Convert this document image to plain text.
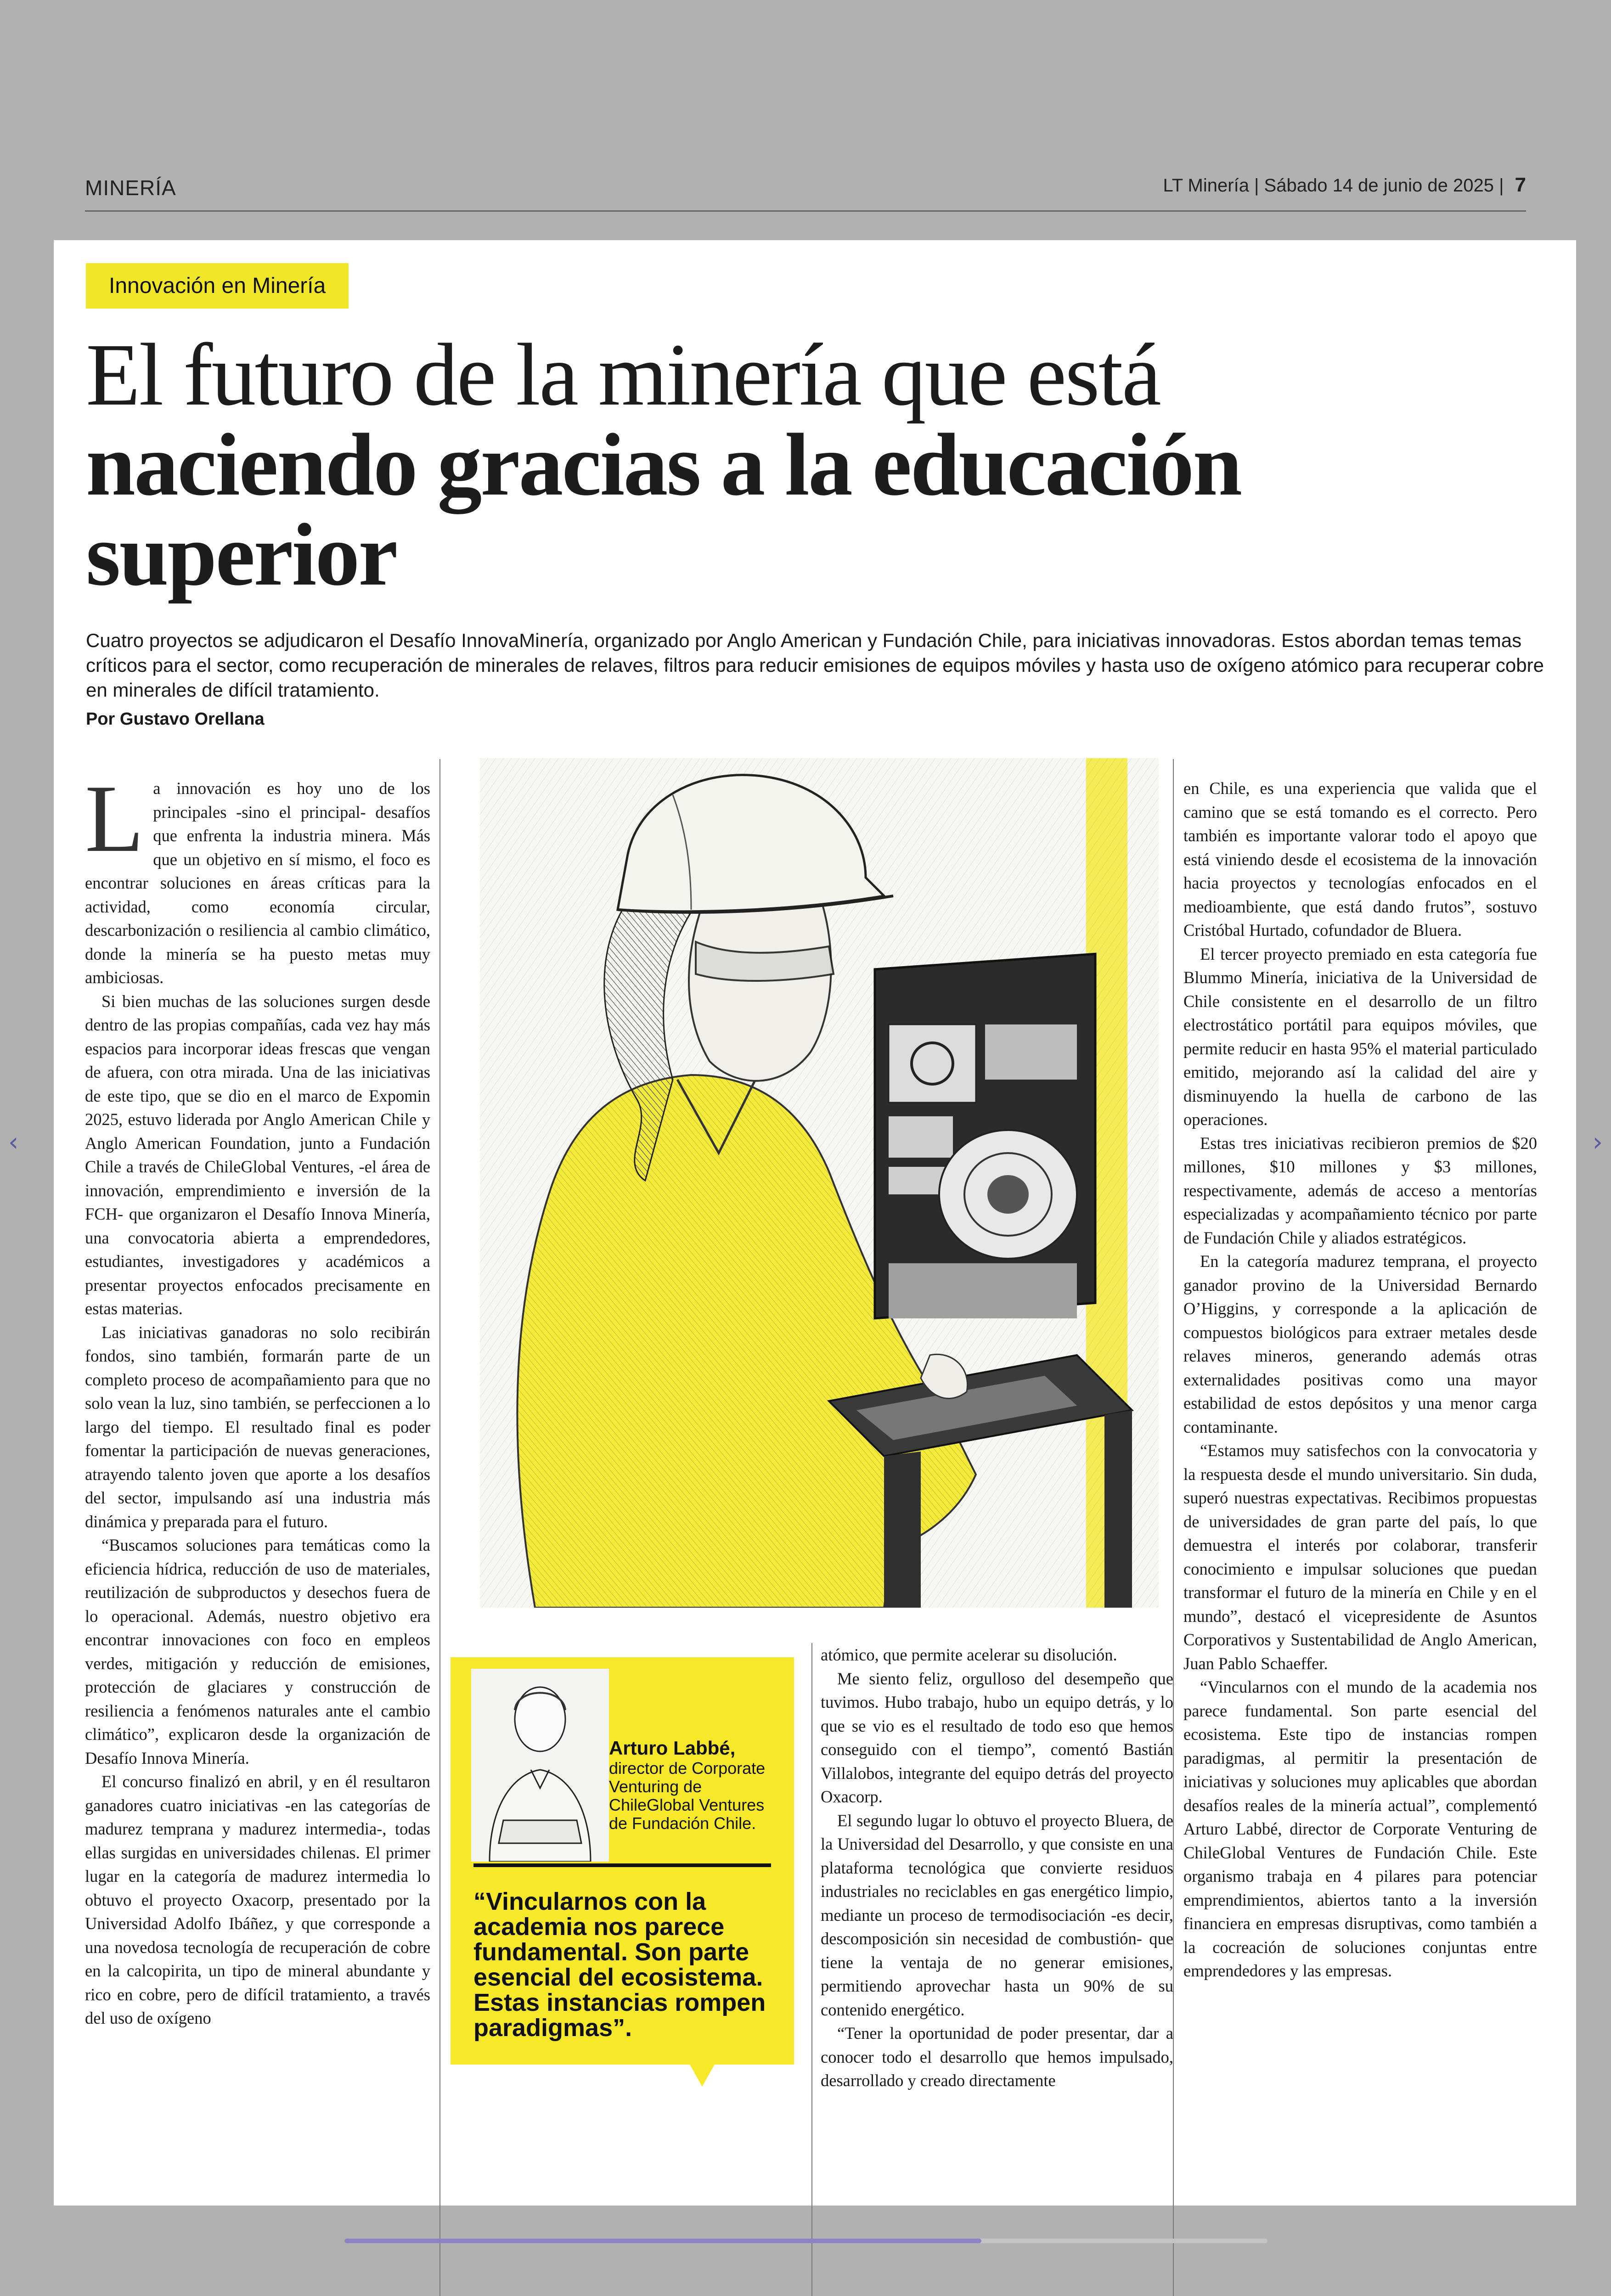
MINERÍA	LT Minería | Sábado 14 de junio de 2025 | 7
‹	›
Innovación en Minería
El futuro de la minería que está
naciendo gracias a la educación superior
Cuatro proyectos se adjudicaron el Desafío InnovaMinería, organizado por Anglo American y Fundación Chile, para iniciativas innovadoras. Estos abordan temas temas críticos para el sector, como recuperación de minerales de relaves, filtros para reducir emisiones de equipos móviles y hasta uso de oxígeno atómico para recuperar cobre en minerales de difícil tratamiento.
Por Gustavo Orellana

La innovación es hoy uno de los principales -sino el principal- desafíos que enfrenta la industria minera. Más que un objetivo en sí mismo, el foco es encontrar soluciones en áreas críticas para la actividad, como economía circular, descarbonización o resiliencia al cambio climático, donde la minería se ha puesto metas muy ambiciosas.

Si bien muchas de las soluciones surgen desde dentro de las propias compañías, cada vez hay más espacios para incorporar ideas frescas que vengan de afuera, con otra mirada. Una de las iniciativas de este tipo, que se dio en el marco de Expomin 2025, estuvo liderada por Anglo American Chile y Anglo American Foundation, junto a Fundación Chile a través de ChileGlobal Ventures, -el área de innovación, emprendimiento e inversión de la FCH- que organizaron el Desafío Innova Minería, una convocatoria abierta a emprendedores, estudiantes, investigadores y académicos a presentar proyectos enfocados precisamente en estas materias.

Las iniciativas ganadoras no solo recibirán fondos, sino también, formarán parte de un completo proceso de acompañamiento para que no solo vean la luz, sino también, se perfeccionen a lo largo del tiempo. El resultado final es poder fomentar la participación de nuevas generaciones, atrayendo talento joven que aporte a los desafíos del sector, impulsando así una industria más dinámica y preparada para el futuro.

“Buscamos soluciones para temáticas como la eficiencia hídrica, reducción de uso de materiales, reutilización de subproductos y desechos fuera de lo operacional. Además, nuestro objetivo era encontrar innovaciones con foco en empleos verdes, mitigación y reducción de emisiones, protección de glaciares y construcción de resiliencia a fenómenos naturales ante el cambio climático”, explicaron desde la organización de Desafío Innova Minería.

El concurso finalizó en abril, y en él resultaron ganadores cuatro iniciativas -en las categorías de madurez temprana y madurez intermedia-, todas ellas surgidas en universidades chilenas. El primer lugar en la categoría de madurez intermedia lo obtuvo el proyecto Oxacorp, presentado por la Universidad Adolfo Ibáñez, y que corresponde a una novedosa tecnología de recuperación de cobre en la calcopirita, un tipo de mineral abundante y rico en cobre, pero de difícil tratamiento, a través del uso de oxígeno

Arturo Labbé,
director de Corporate Venturing de ChileGlobal Ventures de Fundación Chile.
“Vincularnos con la academia nos parece fundamental. Son parte esencial del ecosistema. Estas instancias rompen paradigmas”.

atómico, que permite acelerar su disolución.

Me siento feliz, orgulloso del desempeño que tuvimos. Hubo trabajo, hubo un equipo detrás, y lo que se vio es el resultado de todo eso que hemos conseguido con el tiempo”, comentó Bastián Villalobos, integrante del equipo detrás del proyecto Oxacorp.

El segundo lugar lo obtuvo el proyecto Bluera, de la Universidad del Desarrollo, y que consiste en una plataforma tecnológica que convierte residuos industriales no reciclables en gas energético limpio, mediante un proceso de termodisociación -es decir, descomposición sin necesidad de combustión- que tiene la ventaja de no generar emisiones, permitiendo aprovechar hasta un 90% de su contenido energético.

“Tener la oportunidad de poder presentar, dar a conocer todo el desarrollo que hemos impulsado, desarrollado y creado directamente

en Chile, es una experiencia que valida que el camino que se está tomando es el correcto. Pero también es importante valorar todo el apoyo que está viniendo desde el ecosistema de la innovación hacia proyectos y tecnologías enfocados en el medioambiente, que está dando frutos”, sostuvo Cristóbal Hurtado, cofundador de Bluera.

El tercer proyecto premiado en esta categoría fue Blummo Minería, iniciativa de la Universidad de Chile consistente en el desarrollo de un filtro electrostático portátil para equipos móviles, que permite reducir en hasta 95% el material particulado emitido, mejorando así la calidad del aire y disminuyendo la huella de carbono de las operaciones.

Estas tres iniciativas recibieron premios de $20 millones, $10 millones y $3 millones, respectivamente, además de acceso a mentorías especializadas y acompañamiento técnico por parte de Fundación Chile y aliados estratégicos.

En la categoría madurez temprana, el proyecto ganador provino de la Universidad Bernardo O’Higgins, y corresponde a la aplicación de compuestos biológicos para extraer metales desde relaves mineros, generando además otras externalidades positivas como una mayor estabilidad de estos depósitos y una menor carga contaminante.

“Estamos muy satisfechos con la convocatoria y la respuesta desde el mundo universitario. Sin duda, superó nuestras expectativas. Recibimos propuestas de universidades de gran parte del país, lo que demuestra el interés por colaborar, transferir conocimiento e impulsar soluciones que puedan transformar el futuro de la minería en Chile y en el mundo”, destacó el vicepresidente de Asuntos Corporativos y Sustentabilidad de Anglo American, Juan Pablo Schaeffer.

“Vincularnos con el mundo de la academia nos parece fundamental. Son parte esencial del ecosistema. Este tipo de instancias rompen paradigmas, al permitir la presentación de iniciativas y soluciones muy aplicables que abordan desafíos reales de la minería actual”, complementó Arturo Labbé, director de Corporate Venturing de ChileGlobal Ventures de Fundación Chile. Este organismo trabaja en 4 pilares para potenciar emprendimientos, abiertos tanto a la inversión financiera en empresas disruptivas, como también a la cocreación de soluciones conjuntas entre emprendedores y las empresas.
